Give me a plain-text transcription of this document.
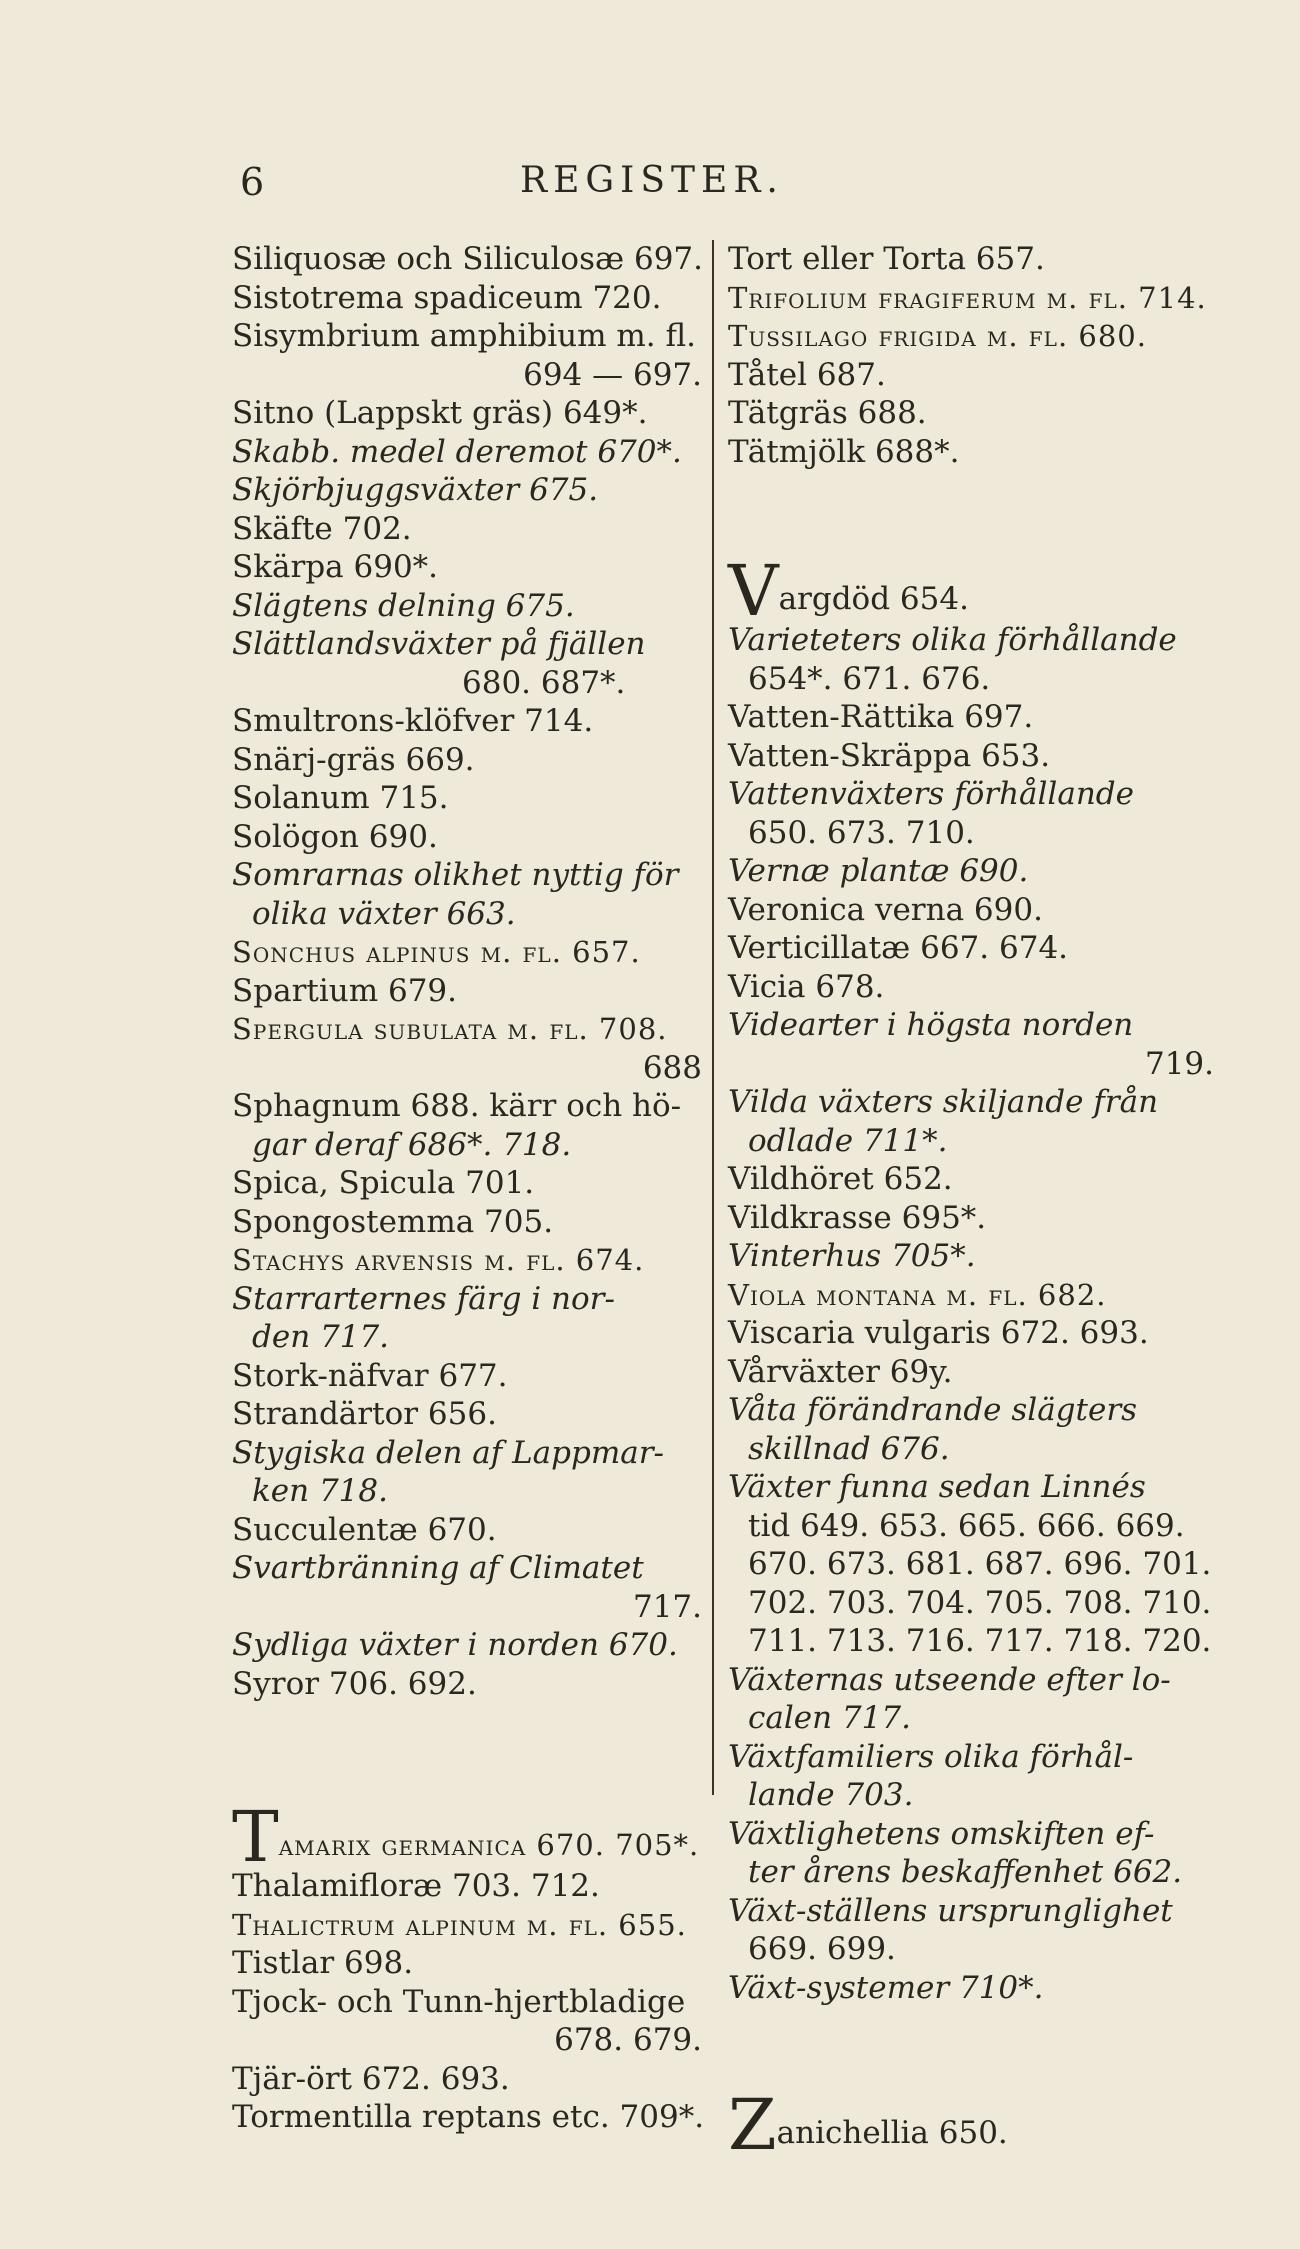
6	REGISTER.
Siliquosæ och Siliculosæ 697.
Sistotrema spadiceum 720.
Sisymbrium amphibium m. fl.
694 — 697.
Sitno (Lappskt gräs) 649*.
Skabb. medel deremot 670*.
Skjörbjuggsväxter 675.
Skäfte 702.
Skärpa 690*.
Slägtens delning 675.
Slättlandsväxter på fjällen
680. 687*.
Smultrons-klöfver 714.
Snärj-gräs 669.
Solanum 715.
Solögon 690.
Somrarnas olikhet nyttig för
olika växter 663.
Sonchus alpinus m. fl. 657.
Spartium 679.
Spergula subulata m. fl. 708.
688
Sphagnum 688. kärr och hö-
gar deraf 686*. 718.
Spica, Spicula 701.
Spongostemma 705.
Stachys arvensis m. fl. 674.
Starrarternes färg i nor-
den 717.
Stork-näfvar 677.
Strandärtor 656.
Stygiska delen af Lappmar-
ken 718.
Succulentæ 670.
Svartbränning af Climatet
717.
Sydliga växter i norden 670.
Syror 706. 692.
Tamarix germanica 670. 705*.
Thalamifloræ 703. 712.
Thalictrum alpinum m. fl. 655.
Tistlar 698.
Tjock- och Tunn-hjertbladige
678. 679.
Tjär-ört 672. 693.
Tormentilla reptans etc. 709*.
Tort eller Torta 657.
Trifolium fragiferum m. fl. 714.
Tussilago frigida m. fl. 680.
Tåtel 687.
Tätgräs 688.
Tätmjölk 688*.
Vargdöd 654.
Varieteters olika förhållande
654*. 671. 676.
Vatten-Rättika 697.
Vatten-Skräppa 653.
Vattenväxters förhållande
650. 673. 710.
Vernæ plantæ 690.
Veronica verna 690.
Verticillatæ 667. 674.
Vicia 678.
Videarter i högsta norden
719.
Vilda växters skiljande från
odlade 711*.
Vildhöret 652.
Vildkrasse 695*.
Vinterhus 705*.
Viola montana m. fl. 682.
Viscaria vulgaris 672. 693.
Vårväxter 69y.
Våta förändrande slägters
skillnad 676.
Växter funna sedan Linnés
tid 649. 653. 665. 666. 669.
670. 673. 681. 687. 696. 701.
702. 703. 704. 705. 708. 710.
711. 713. 716. 717. 718. 720.
Växternas utseende efter lo-
calen 717.
Växtfamiliers olika förhål-
lande 703.
Växtlighetens omskiften ef-
ter årens beskaffenhet 662.
Växt-ställens ursprunglighet
669. 699.
Växt-systemer 710*.
Zanichellia 650.
